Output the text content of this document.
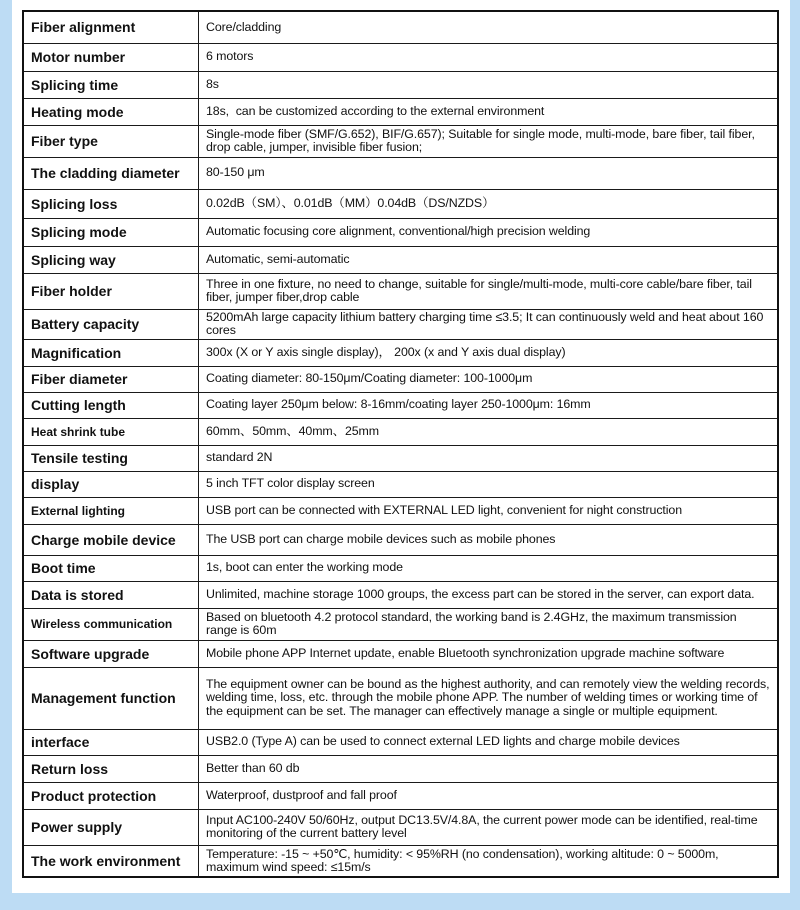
Fiber alignment	Core/cladding
Motor number	6 motors
Splicing time	8s
Heating mode	18s,  can be customized according to the external environment
Fiber type	Single-mode fiber (SMF/G.652), BIF/G.657); Suitable for single mode, multi-mode, bare fiber, tail fiber, drop cable, jumper, invisible fiber fusion;
The cladding diameter	80-150 μm
Splicing loss	0.02dB（SM）、0.01dB（MM）0.04dB（DS/NZDS）
Splicing mode	Automatic focusing core alignment, conventional/high precision welding
Splicing way	Automatic, semi-automatic
Fiber holder	Three in one fixture, no need to change, suitable for single/multi-mode, multi-core cable/bare fiber, tail fiber, jumper fiber,drop cable
Battery capacity	5200mAh large capacity lithium battery charging time ≤3.5; It can continuously weld and heat about 160 cores
Magnification	300x (X or Y axis single display)， 200x (x and Y axis dual display)
Fiber diameter	Coating diameter: 80-150μm/Coating diameter: 100-1000μm
Cutting length	Coating layer 250μm below: 8-16mm/coating layer 250-1000μm: 16mm
Heat shrink tube	60mm、50mm、40mm、25mm
Tensile testing	standard 2N
display	5 inch TFT color display screen
External lighting	USB port can be connected with EXTERNAL LED light, convenient for night construction
Charge mobile device	The USB port can charge mobile devices such as mobile phones
Boot time	1s, boot can enter the working mode
Data is stored	Unlimited, machine storage 1000 groups, the excess part can be stored in the server, can export data.
Wireless communication	Based on bluetooth 4.2 protocol standard, the working band is 2.4GHz, the maximum transmission range is 60m
Software upgrade	Mobile phone APP Internet update, enable Bluetooth synchronization upgrade machine software
Management function	The equipment owner can be bound as the highest authority, and can remotely view the welding records, welding time, loss, etc. through the mobile phone APP. The number of welding times or working time of the equipment can be set. The manager can effectively manage a single or multiple equipment.
interface	USB2.0 (Type A) can be used to connect external LED lights and charge mobile devices
Return loss	Better than 60 db
Product protection	Waterproof, dustproof and fall proof
Power supply	Input AC100-240V 50/60Hz, output DC13.5V/4.8A, the current power mode can be identified, real-time monitoring of the current battery level
The work environment	Temperature: -15 ~ +50℃, humidity: < 95%RH (no condensation), working altitude: 0 ~ 5000m, maximum wind speed: ≤15m/s
